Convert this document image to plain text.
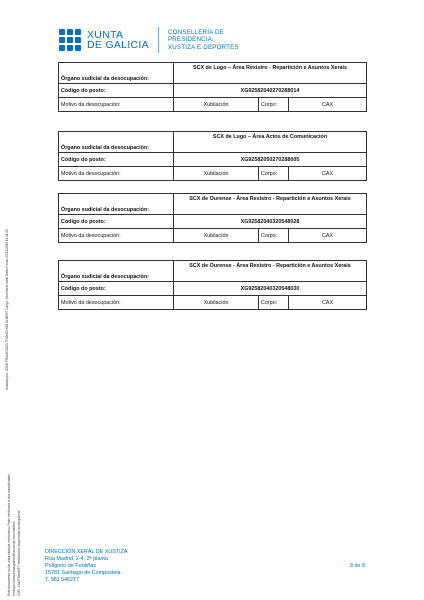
XUNTA
DE GALICIA
CONSELLERÍA DE
PRESIDENCIA,
XUSTIZA E DEPORTES
Órgano xudicial da desocupación:	SCX de Lugo – Área Rexistro - Repartición e Asuntos Xerais		
Código do posto:	XG92582040270288014		
Motivo da desocupación:	Xubilación	Corpo:	CAX
Órgano xudicial da desocupación:	SCX de Lugo – Área Actos de Comunicación		
Código do posto:	XG92582050270288005		
Motivo da desocupación:	Xubilación	Corpo:	CAX
Órgano xudicial da desocupación:	SCX de Ourense - Área Rexistro - Repartición e Asuntos Xerais		
Código do posto:	XG92582040320548028		
Motivo da desocupación:	Xubilación	Corpo:	CAX
Órgano xudicial da desocupación:	SCX de Ourense - Área Rexistro - Repartición e Asuntos Xerais		
Código do posto:	XG92582040320548030		
Motivo da desocupación:	Xubilación	Corpo:	CAX
Asinado por: JOSE FRANCISCO TROMCHON ALBERT Cargo: Secretario xeral Data e hora: 05/11/2025 11:41:55
Este documento inclúe unha sinatura electrónica. Pode verificarse a súa autenticidade en https://www.xunta.gal/verificacion-de-documentos CVE: 1Jw0T1mwNF7 Verificación: https://sede.xunta.gal/cve	DIRECCIÓN XERAL DE XUSTIZA
Rúa Madrid, 2-4, 2ª planta
Polígono de Fontiñas
15781 Santiago de Compostela
T. 981 546217
8 de 8
